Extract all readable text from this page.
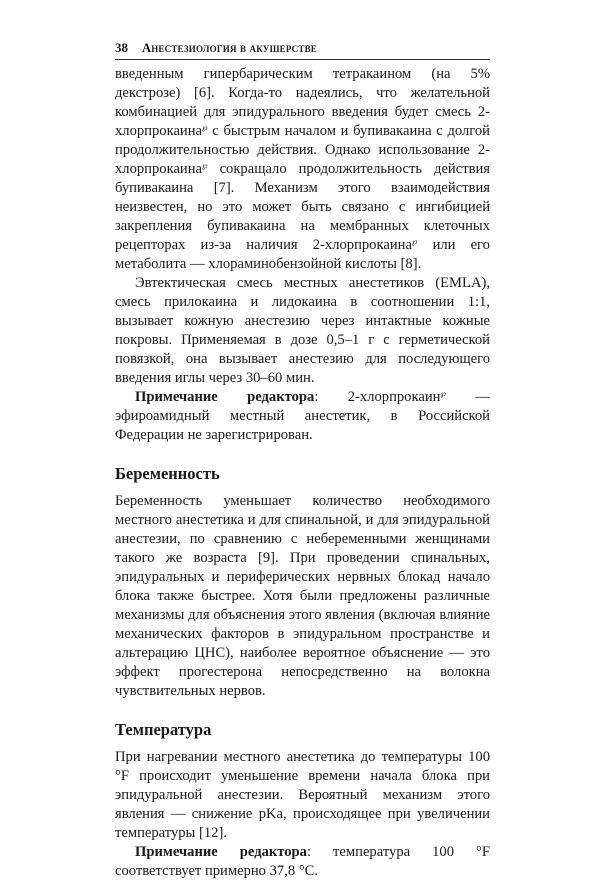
38 Анестезиология в акушерстве

введенным гипербарическим тетракаином (на 5% декстрозе) [6]. Когда-то надеялись, что желательной комбинацией для эпидурального введения будет смесь 2-хлорпрокаина℘ с быстрым началом и бупивакаина с долгой продолжительностью действия. Однако использование 2-хлорпрокаина℘ сокращало продолжительность действия бупивакаина [7]. Механизм этого взаимодействия неизвестен, но это может быть связано с ингибицией закрепления бупивакаина на мембранных клеточных рецепторах из-за наличия 2-хлорпрокаина℘ или его метаболита — хлораминобензойной кислоты [8].

Эвтектическая смесь местных анестетиков (EMLA), смесь прилокаина и лидокаина в соотношении 1:1, вызывает кожную анестезию через интактные кожные покровы. Применяемая в дозе 0,5–1 г с герметической повязкой, она вызывает анестезию для последующего введения иглы через 30–60 мин.

Примечание редактора: 2-хлорпрокаин℘ — эфироамидный местный анестетик, в Российской Федерации не зарегистрирован.

Беременность

Беременность уменьшает количество необходимого местного анестетика и для спинальной, и для эпидуральной анестезии, по сравнению с небеременными женщинами такого же возраста [9]. При проведении спинальных, эпидуральных и периферических нервных блокад начало блока также быстрее. Хотя были предложены различные механизмы для объяснения этого явления (включая влияние механических факторов в эпидуральном пространстве и альтерацию ЦНС), наиболее вероятное объяснение — это эффект прогестерона непосредственно на волокна чувствительных нервов.

Температура

При нагревании местного анестетика до температуры 100 °F происходит уменьшение времени начала блока при эпидуральной анестезии. Вероятный механизм этого явления — снижение pKa, происходящее при увеличении температуры [12].

Примечание редактора: температура 100 °F соответствует примерно 37,8 °С.
